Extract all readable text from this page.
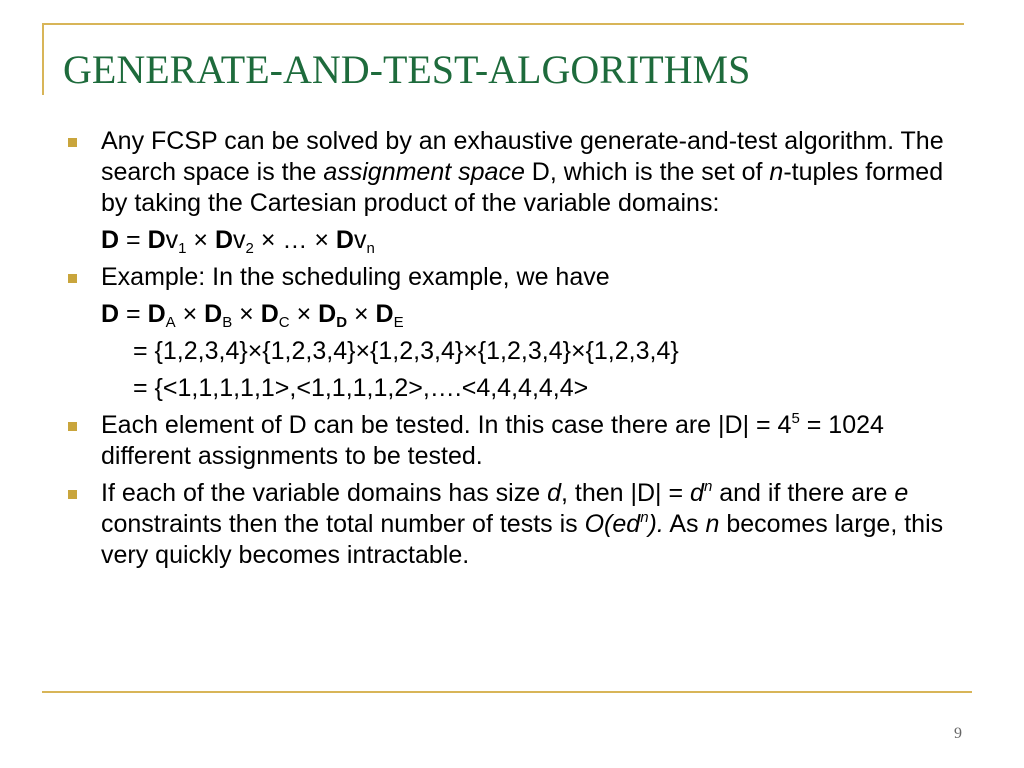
GENERATE-AND-TEST-ALGORITHMS
Any FCSP can be solved by an exhaustive generate-and-test algorithm. The search space is the assignment space D, which is the set of n-tuples formed by taking the Cartesian product of the variable domains:
$D = Dv_1 \times Dv_2$ × … × $Dv_n$
Example: In the scheduling example, we have
$D = D_A \times D_B \times D_C \times D_D \times D_E$
= {1,2,3,4}×{1,2,3,4}×{1,2,3,4}×{1,2,3,4}×{1,2,3,4}
= {<1,1,1,1,1>,<1,1,1,1,2>,….<4,4,4,4,4>
Each element of D can be tested. In this case there are $|D| = 4^5 = 1024$ different assignments to be tested.
If each of the variable domains has size d, then $|D| = d^n$ and if there are e constraints then the total number of tests is $O(ed^n)$. As n becomes large, this very quickly becomes intractable.
9
